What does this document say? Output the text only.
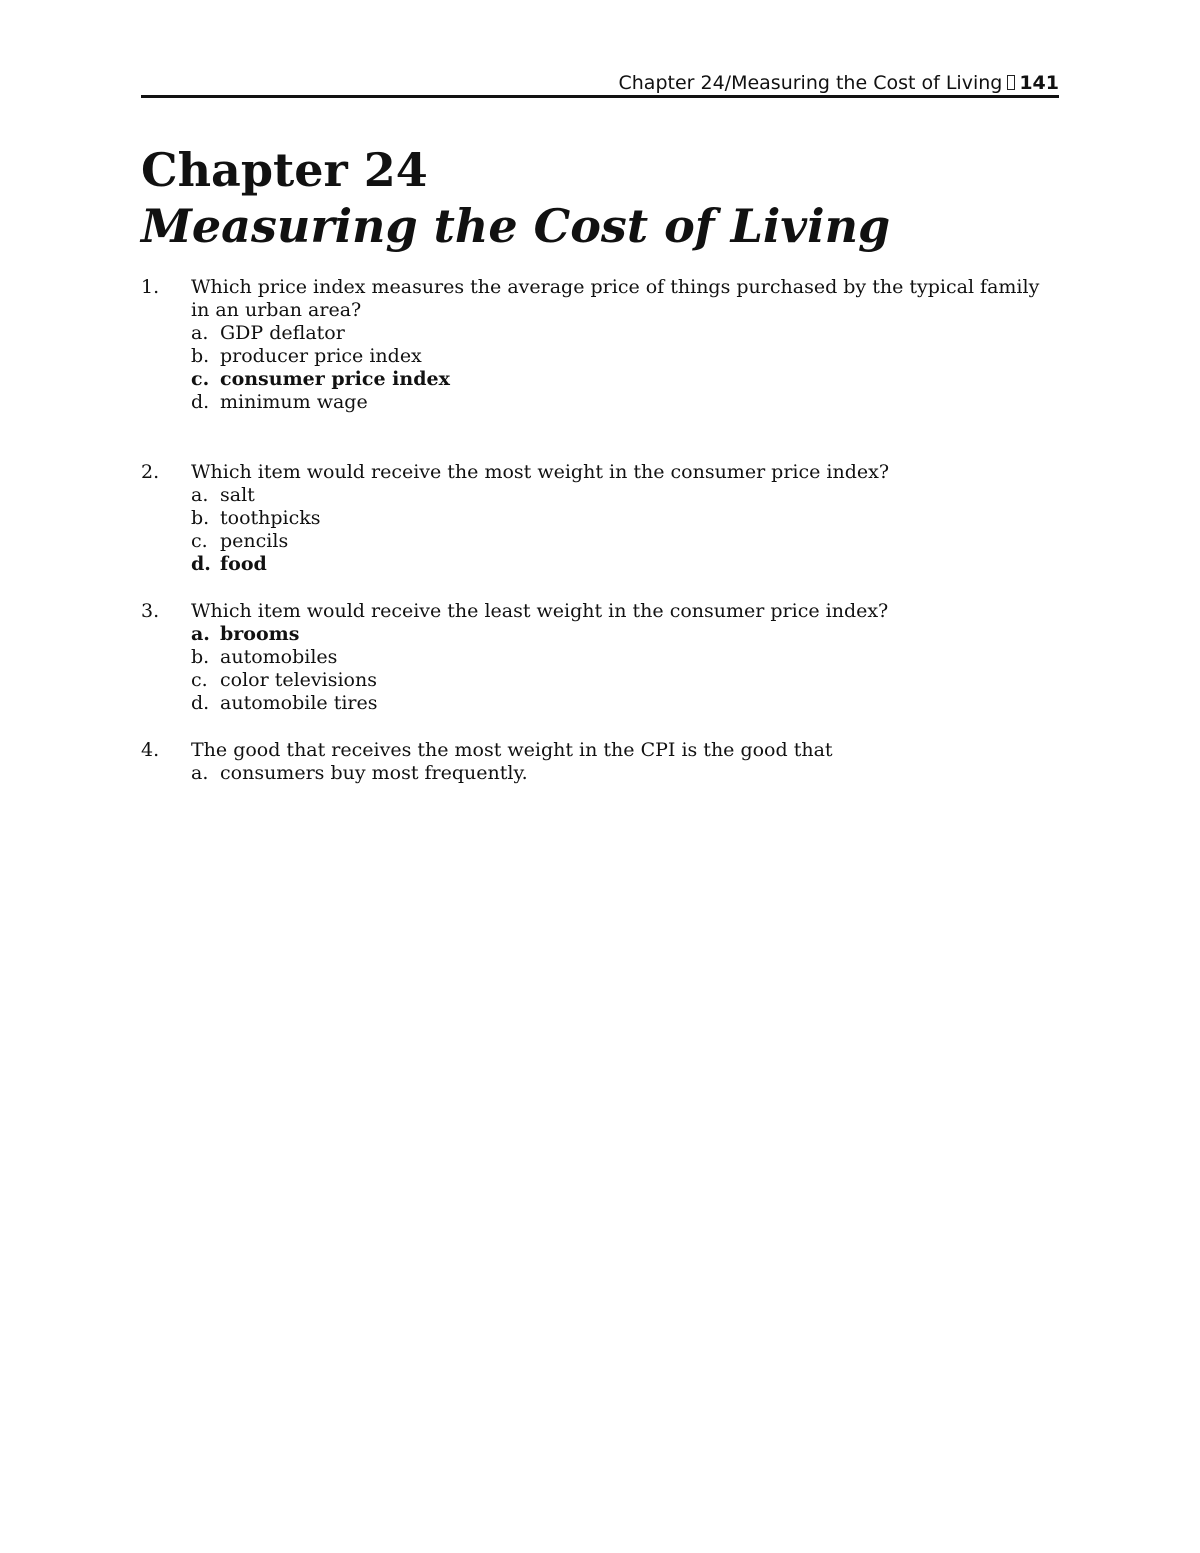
Chapter 24/Measuring the Cost of Living 141
Chapter 24
Measuring the Cost of Living
1. Which price index measures the average price of things purchased by the typical family in an urban area?

a. GDP deflator
b. producer price index
c. consumer price index
d. minimum wage
2. Which item would receive the most weight in the consumer price index?

a. salt
b. toothpicks
c. pencils
d. food
3. Which item would receive the least weight in the consumer price index?

a. brooms
b. automobiles
c. color televisions
d. automobile tires
4. The good that receives the most weight in the CPI is the good that

a. consumers buy most frequently.
